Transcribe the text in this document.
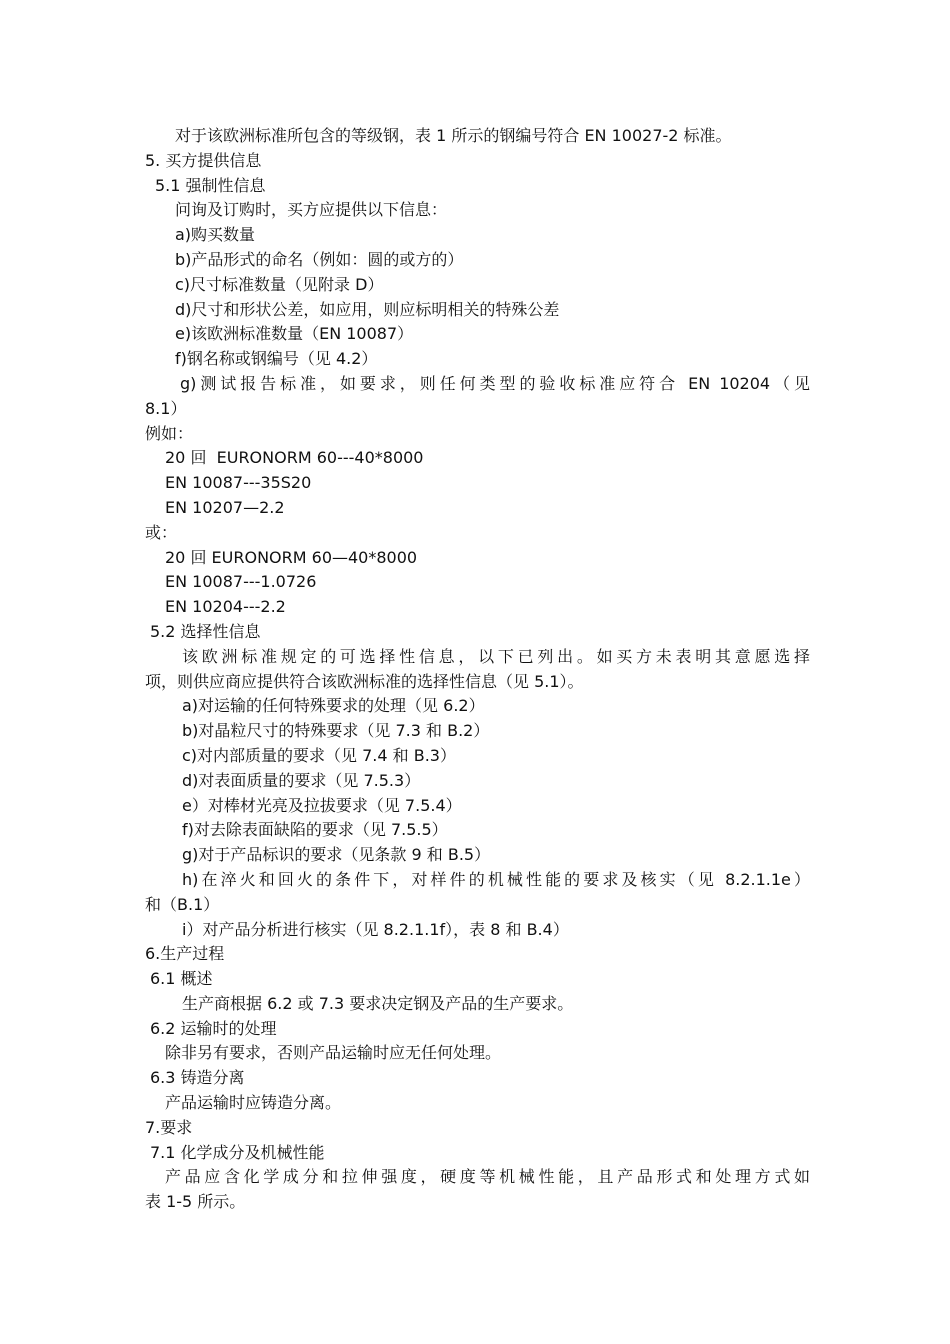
对于该欧洲标准所包含的等级钢，表 1 所示的钢编号符合 EN 10027-2 标准。
5. 买方提供信息
5.1 强制性信息
问询及订购时，买方应提供以下信息：
a)购买数量
b)产品形式的命名（例如：圆的或方的）
c)尺寸标准数量（见附录 D）
d)尺寸和形状公差，如应用，则应标明相关的特殊公差
e)该欧洲标准数量（EN 10087）
f)钢名称或钢编号（见 4.2）
g)测试报告标准，如要求，则任何类型的验收标准应符合 EN 10204（见
8.1）
例如：
20 回  EURONORM 60---40*8000
EN 10087---35S20
EN 10207—2.2
或：
20 回 EURONORM 60—40*8000
EN 10087---1.0726
EN 10204---2.2
5.2 选择性信息
该欧洲标准规定的可选择性信息，以下已列出。如买方未表明其意愿选择
项，则供应商应提供符合该欧洲标准的选择性信息（见 5.1）。
a)对运输的任何特殊要求的处理（见 6.2）
b)对晶粒尺寸的特殊要求（见 7.3 和 B.2）
c)对内部质量的要求（见 7.4 和 B.3）
d)对表面质量的要求（见 7.5.3）
e）对棒材光亮及拉拔要求（见 7.5.4）
f)对去除表面缺陷的要求（见 7.5.5）
g)对于产品标识的要求（见条款 9 和 B.5）
h)在淬火和回火的条件下，对样件的机械性能的要求及核实（见 8.2.1.1e）
和（B.1）
i）对产品分析进行核实（见 8.2.1.1f），表 8 和 B.4）
6.生产过程
6.1 概述
生产商根据 6.2 或 7.3 要求决定钢及产品的生产要求。
6.2 运输时的处理
除非另有要求，否则产品运输时应无任何处理。
6.3 铸造分离
产品运输时应铸造分离。
7.要求
7.1 化学成分及机械性能
产品应含化学成分和拉伸强度，硬度等机械性能，且产品形式和处理方式如
表 1-5 所示。
